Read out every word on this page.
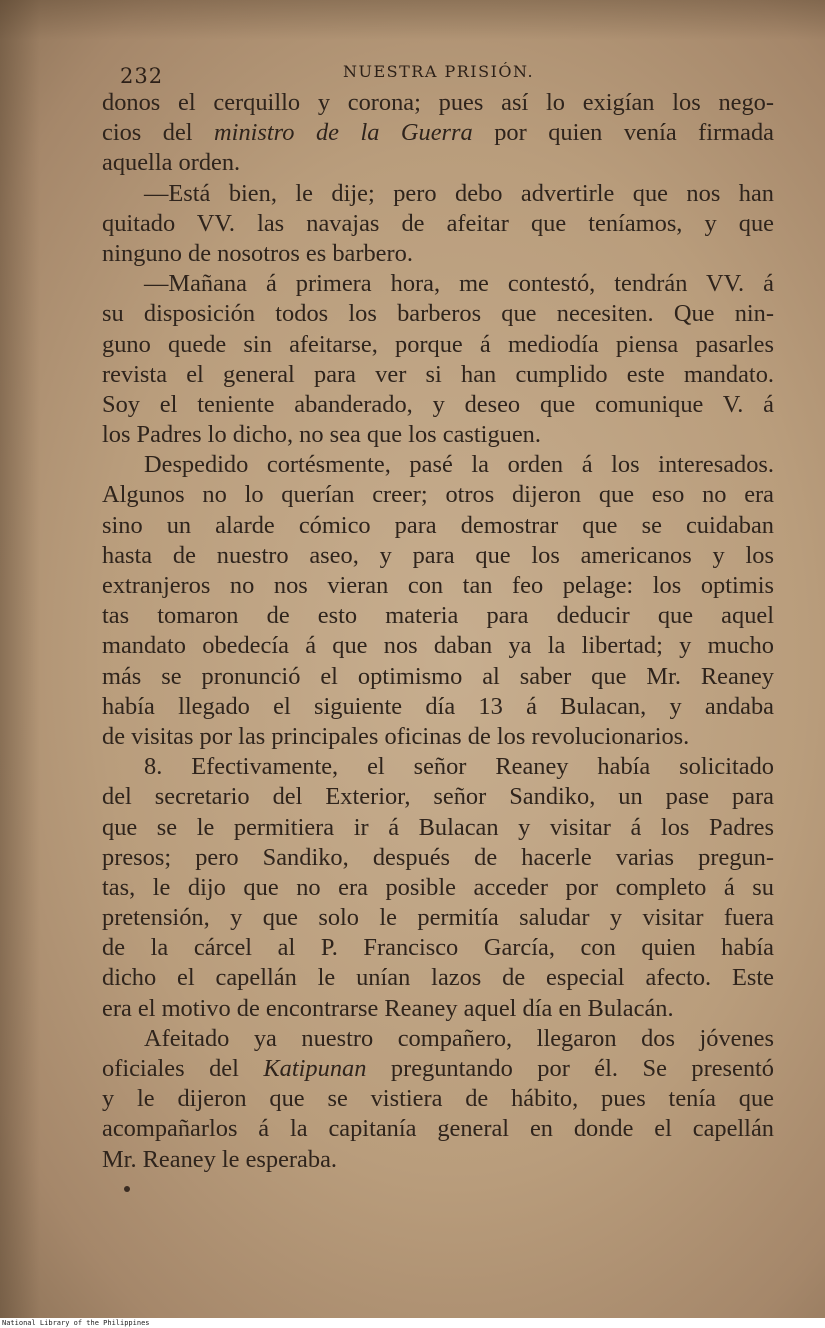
232	NUESTRA PRISIÓN.
donos el cerquillo y corona; pues así lo exigían los nego-
cios del ministro de la Guerra por quien venía firmada
aquella orden.
—Está bien, le dije; pero debo advertirle que nos han
quitado VV. las navajas de afeitar que teníamos, y que
ninguno de nosotros es barbero.
—Mañana á primera hora, me contestó, tendrán VV. á
su disposición todos los barberos que necesiten. Que nin-
guno quede sin afeitarse, porque á mediodía piensa pasarles
revista el general para ver si han cumplido este mandato.
Soy el teniente abanderado, y deseo que comunique V. á
los Padres lo dicho, no sea que los castiguen.
Despedido cortésmente, pasé la orden á los interesados.
Algunos no lo querían creer; otros dijeron que eso no era
sino un alarde cómico para demostrar que se cuidaban
hasta de nuestro aseo, y para que los americanos y los
extranjeros no nos vieran con tan feo pelage: los optimis
tas tomaron de esto materia para deducir que aquel
mandato obedecía á que nos daban ya la libertad; y mucho
más se pronunció el optimismo al saber que Mr. Reaney
había llegado el siguiente día 13 á Bulacan, y andaba
de visitas por las principales oficinas de los revolucionarios.
8. Efectivamente, el señor Reaney había solicitado
del secretario del Exterior, señor Sandiko, un pase para
que se le permitiera ir á Bulacan y visitar á los Padres
presos; pero Sandiko, después de hacerle varias pregun-
tas, le dijo que no era posible acceder por completo á su
pretensión, y que solo le permitía saludar y visitar fuera
de la cárcel al P. Francisco García, con quien había
dicho el capellán le unían lazos de especial afecto. Este
era el motivo de encontrarse Reaney aquel día en Bulacán.
Afeitado ya nuestro compañero, llegaron dos jóvenes
oficiales del Katipunan preguntando por él. Se presentó
y le dijeron que se vistiera de hábito, pues tenía que
acompañarlos á la capitanía general en donde el capellán
Mr. Reaney le esperaba.
National Library of the Philippines
